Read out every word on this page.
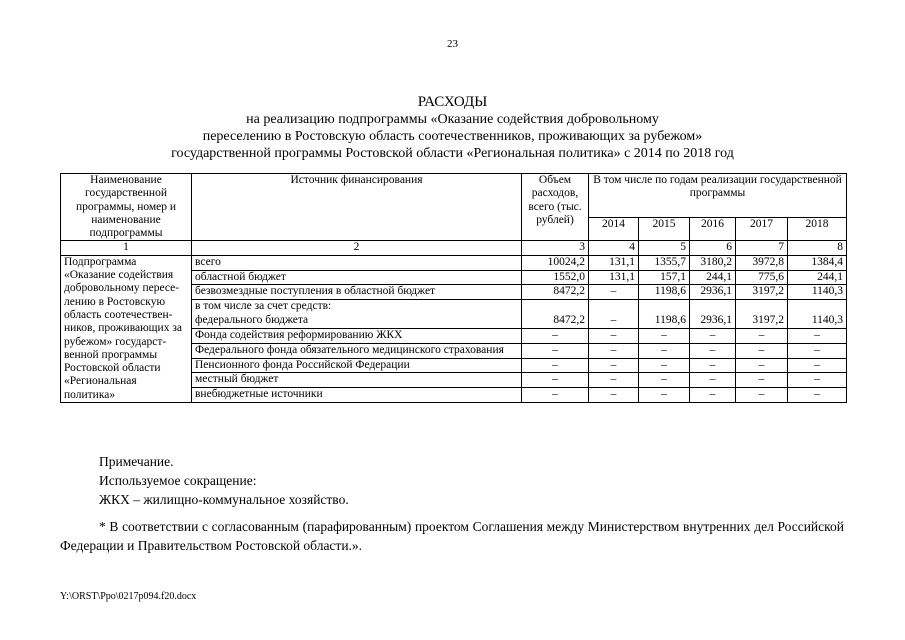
23
РАСХОДЫ
на реализацию подпрограммы «Оказание содействия добровольному
переселению в Ростовскую область соотечественников, проживающих за рубежом»
государственной программы Ростовской области «Региональная политика» с 2014 по 2018 год
Наименование государственной программы, номер и наименование подпрограммы	Источник финансирования	Объем расходов, всего (тыс. рублей)	В том числе по годам реализации государственной программы				
			2014	2015	2016	2017	2018
1	2	3	4	5	6	7	8
Подпрограмма «Оказание содействия добровольному пересе-лению в Ростовскую область соотечествен-ников, проживающих за рубежом» государст-венной программы Ростовской области «Региональная политика»	всего	10024,2	131,1	1355,7	3180,2	3972,8	1384,4
	областной бюджет	1552,0	131,1	157,1	244,1	775,6	244,1
	безвозмездные поступления в областной бюджет	8472,2	–	1198,6	2936,1	3197,2	1140,3
	в том числе за счет средств:						
	федерального бюджета	8472,2	–	1198,6	2936,1	3197,2	1140,3
	Фонда содействия реформированию ЖКХ	–	–	–	–	–	–
	Федерального фонда обязательного медицинского страхования	–	–	–	–	–	–
	Пенсионного фонда Российской Федерации	–	–	–	–	–	–
	местный бюджет	–	–	–	–	–	–
	внебюджетные источники	–	–	–	–	–	–
Примечание.
Используемое сокращение:
ЖКХ – жилищно-коммунальное хозяйство.
* В соответствии с согласованным (парафированным) проектом Соглашения между Министерством внутренних дел Российской Федерации и Правительством Ростовской области.».
Y:\ORST\Ppo\0217p094.f20.docx
